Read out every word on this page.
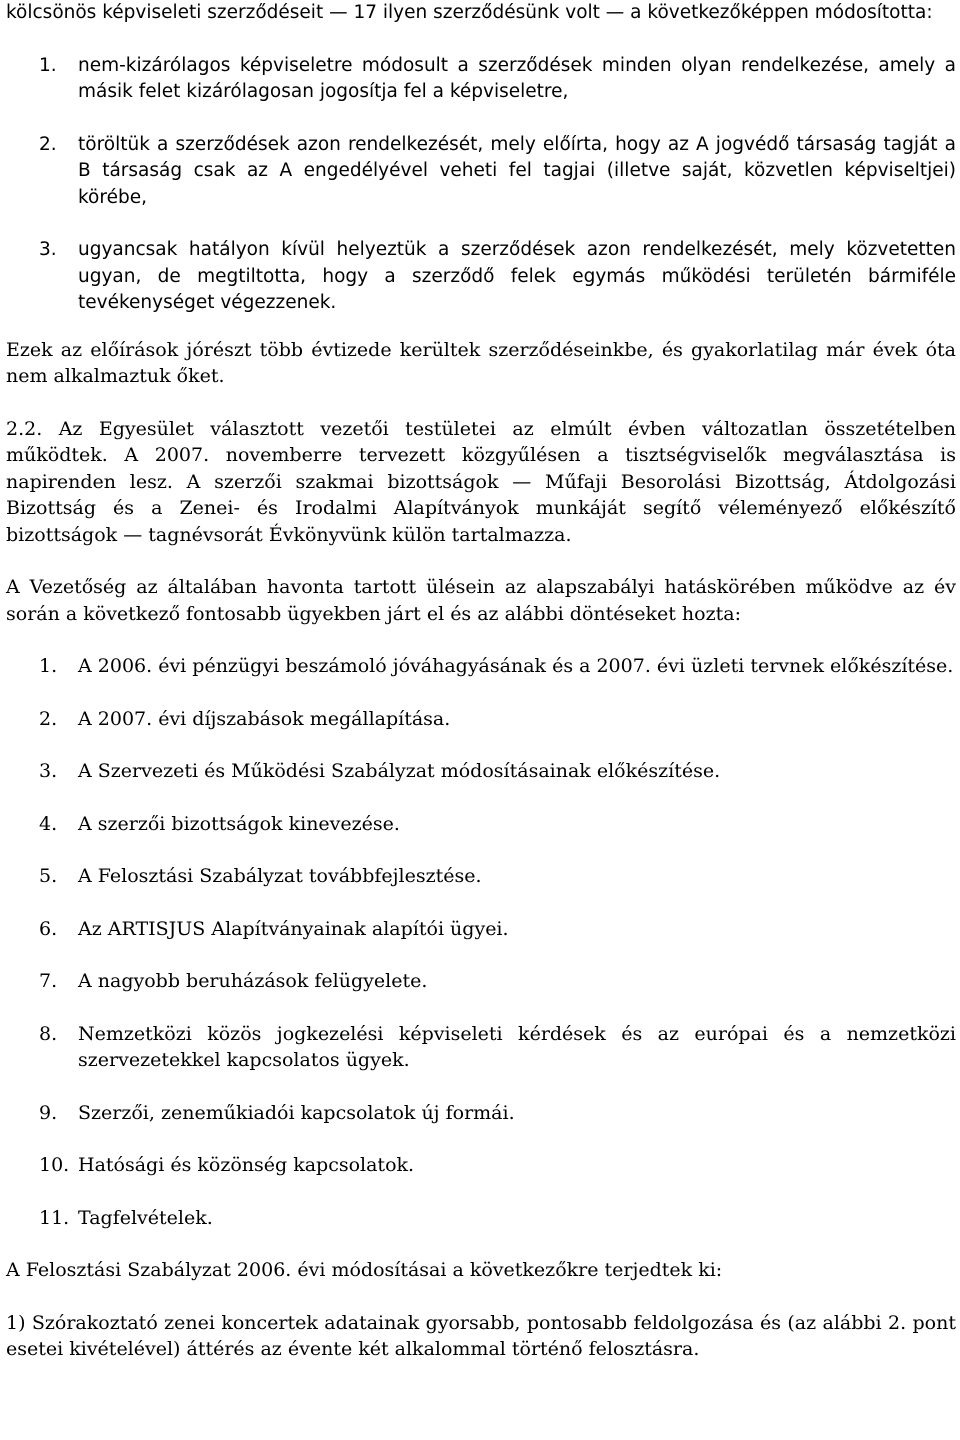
kölcsönös képviseleti szerződéseit — 17 ilyen szerződésünk volt — a következőképpen módosította:

1.	nem-kizárólagos képviseletre módosult a szerződések minden olyan rendelkezése, amely a másik felet kizárólagosan jogosítja fel a képviseletre,
2.	töröltük a szerződések azon rendelkezését, mely előírta, hogy az A jogvédő társaság tagját a B társaság csak az A engedélyével veheti fel tagjai (illetve saját, közvetlen képviseltjei) körébe,
3.	ugyancsak hatályon kívül helyeztük a szerződések azon rendelkezését, mely közvetetten ugyan, de megtiltotta, hogy a szerződő felek egymás működési területén bármiféle tevékenységet végezzenek.

Ezek az előírások jórészt több évtizede kerültek szerződéseinkbe, és gyakorlatilag már évek óta nem alkalmaztuk őket.

2.2. Az Egyesület választott vezetői testületei az elmúlt évben változatlan összetételben működtek. A 2007. novemberre tervezett közgyűlésen a tisztségviselők megválasztása is napirenden lesz. A szerzői szakmai bizottságok — Műfaji Besorolási Bizottság, Átdolgozási Bizottság és a Zenei- és Irodalmi Alapítványok munkáját segítő véleményező előkészítő bizottságok — tagnévsorát Évkönyvünk külön tartalmazza.

A Vezetőség az általában havonta tartott ülésein az alapszabályi hatáskörében működve az év során a következő fontosabb ügyekben járt el és az alábbi döntéseket hozta:

1.	A 2006. évi pénzügyi beszámoló jóváhagyásának és a 2007. évi üzleti tervnek előkészítése.
2.	A 2007. évi díjszabások megállapítása.
3.	A Szervezeti és Működési Szabályzat módosításainak előkészítése.
4.	A szerzői bizottságok kinevezése.
5.	A Felosztási Szabályzat továbbfejlesztése.
6.	Az ARTISJUS Alapítványainak alapítói ügyei.
7.	A nagyobb beruházások felügyelete.
8.	Nemzetközi közös jogkezelési képviseleti kérdések és az európai és a nemzetközi szervezetekkel kapcsolatos ügyek.
9.	Szerzői, zeneműkiadói kapcsolatok új formái.
10. Hatósági és közönség kapcsolatok.
11. Tagfelvételek.

A Felosztási Szabályzat 2006. évi módosításai a következőkre terjedtek ki:

1) Szórakoztató zenei koncertek adatainak gyorsabb, pontosabb feldolgozása és (az alábbi 2. pont esetei kivételével) áttérés az évente két alkalommal történő felosztásra.
